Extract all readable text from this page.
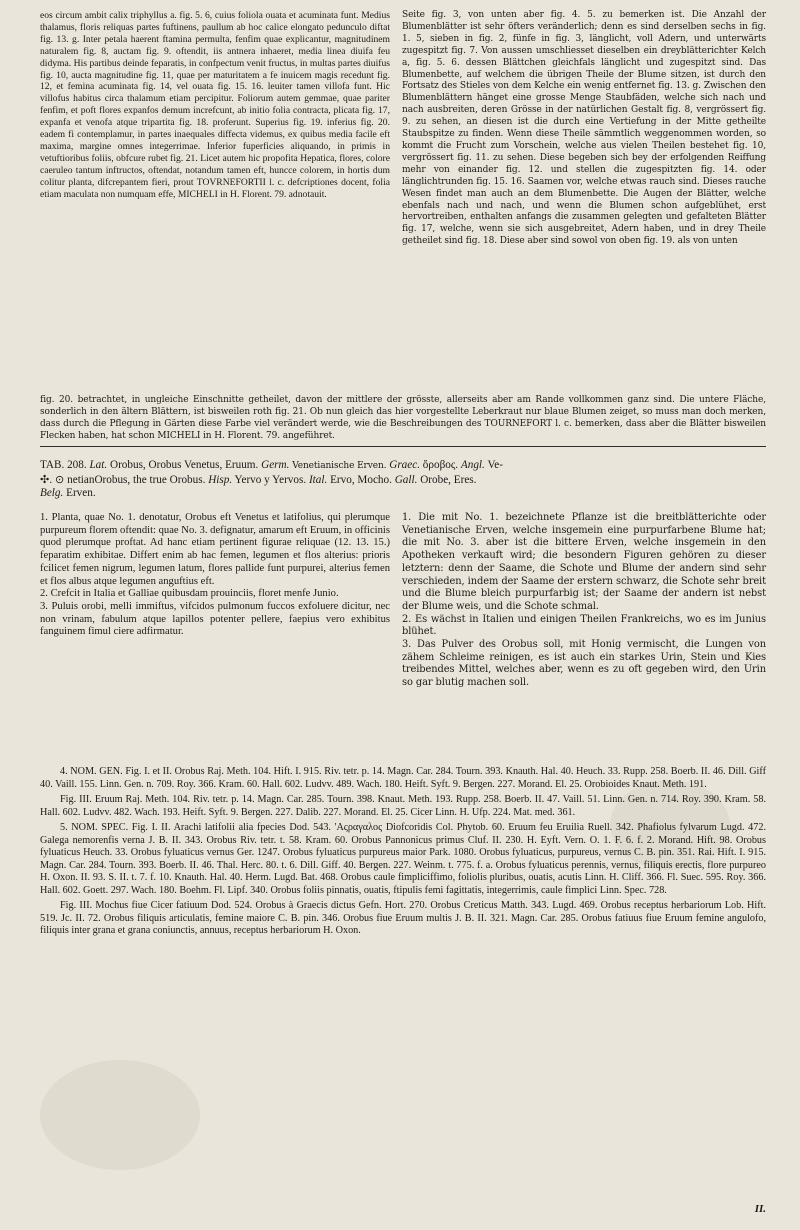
eos circum ambit calix triphyllus a. fig. 5. 6, cuius foliola ouata et acuminata funt. Medius thalamus, floris reliquas partes fuftinens, paullum ab hoc calice elongato pedunculo diftat fig. 13. g. Inter petala haerent ftamina permulta, fenfim quae explicantur, magnitudinem naturalem fig. 8, auctam fig. 9. oftendit, iis antnera inhaeret, media linea diuifa feu didyma. His partibus deinde feparatis, in confpectum venit fructus, in multas partes diuifus fig. 10, aucta magnitudine fig. 11, quae per maturitatem a fe inuicem magis recedunt fig. 12, et femina acuminata fig. 14, vel ouata fig. 15. 16. leuiter tamen villofa funt. Hic villofus habitus circa thalamum etiam percipitur. Foliorum autem gemmae, quae pariter fenfim, et poft flores expanfos demum increfcunt, ab initio folia contracta, plicata fig. 17, expanfa et venofa atque tripartita fig. 18. proferunt. Superius fig. 19. inferius fig. 20. eadem fi contemplamur, in partes inaequales diffecta videmus, ex quibus media facile eft maxima, margine omnes integerrimae. Inferior fuperficies aliquando, in primis in vetuftioribus foliis, obfcure rubet fig. 21. Licet autem hic propofita Hepatica, flores, colore caeruleo tantum inftructos, oftendat, notandum tamen eft, huncce colorem, in hortis dum colitur planta, difcrepantem fieri, prout TOVRNEFORTII l. c. defcriptiones docent, folia etiam maculata non numquam effe, MICHELI in H. Florent. 79. adnotauit.
Seite fig. 3, von unten aber fig. 4. 5. zu bemerken ist. Die Anzahl der Blumenblätter ist sehr öfters veränderlich; denn es sind derselben sechs in fig. 1. 5, sieben in fig. 2, fünfe in fig. 3, länglicht, voll Adern, und unterwärts zugespitzt fig. 7. Von aussen umschliesset dieselben ein dreyblätterichter Kelch a, fig. 5. 6. dessen Blättchen gleichfals länglicht und zugespitzt sind. Das Blumenbette, auf welchem die übrigen Theile der Blume sitzen, ist durch den Fortsatz des Stieles von dem Kelche ein wenig entfernet fig. 13. g. Zwischen den Blumenblättern hänget eine grosse Menge Staubfäden, welche sich nach und nach ausbreiten, deren Grösse in der natürlichen Gestalt fig. 8, vergrössert fig. 9. zu sehen, an diesen ist die durch eine Vertiefung in der Mitte getheilte Staubspitze zu finden. Wenn diese Theile sämmtlich weggenommen worden, so kommt die Frucht zum Vorschein, welche aus vielen Theilen bestehet fig. 10, vergrössert fig. 11. zu sehen. Diese begeben sich bey der erfolgenden Reiffung mehr von einander fig. 12. und stellen die zugespitzten fig. 14. oder länglichtrunden fig. 15. 16. Saamen vor, welche etwas rauch sind. Dieses rauche Wesen findet man auch an dem Blumenbette. Die Augen der Blätter, welche ebenfals nach und nach, und wenn die Blumen schon aufgeblühet, erst hervortreiben, enthalten anfangs die zusammen gelegten und gefalteten Blätter fig. 17, welche, wenn sie sich ausgebreitet, Adern haben, und in drey Theile getheilet sind fig. 18. Diese aber sind sowol von oben fig. 19. als von unten
fig. 20. betrachtet, in ungleiche Einschnitte getheilet, davon der mittlere der grösste, allerseits aber am Rande vollkommen ganz sind. Die untere Fläche, sonderlich in den ältern Blättern, ist bisweilen roth fig. 21. Ob nun gleich das hier vorgestellte Leberkraut nur blaue Blumen zeiget, so muss man doch merken, dass durch die Pflegung in Gärten diese Farbe viel verändert werde, wie die Beschreibungen des TOURNEFORT l. c. bemerken, dass aber die Blätter bisweilen Flecken haben, hat schon MICHELI in H. Florent. 79. angeführet.

TAB. 208. Lat. Orobus, Orobus Venetus, Eruum. Germ. Venetianische Erven. Graec. ὄροβος. Angl. Ve-

✣. ⊙ netianOrobus, the true Orobus. Hisp. Yervo y Yervos. Ital. Ervo, Mocho. Gall. Orobe, Eres.

Belg. Erven.

1. Planta, quae No. 1. denotatur, Orobus eft Venetus et latifolius, qui plerumque purpureum florem oftendit: quae No. 3. defignatur, amarum eft Eruum, in officinis quod plerumque proftat. Ad hanc etiam pertinent figurae reliquae (12. 13. 15.) feparatim exhibitae. Differt enim ab hac femen, legumen et flos alterius: prioris fcilicet femen nigrum, legumen latum, flores pallide funt purpurei, alterius femen et flos albus atque legumen anguftius eft.

2. Crefcit in Italia et Galliae quibusdam prouinciis, floret menfe Junio.

3. Puluis orobi, melli immiftus, vifcidos pulmonum fuccos exfoluere dicitur, nec non vrinam, fabulum atque lapillos potenter pellere, faepius vero exhibitus fanguinem fimul ciere adfirmatur.

1. Die mit No. 1. bezeichnete Pflanze ist die breitblätterichte oder Venetianische Erven, welche insgemein eine purpurfarbene Blume hat; die mit No. 3. aber ist die bittere Erven, welche insgemein in den Apotheken verkauft wird; die besondern Figuren gehören zu dieser letztern: denn der Saame, die Schote und Blume der andern sind sehr verschieden, indem der Saame der erstern schwarz, die Schote sehr breit und die Blume bleich purpurfarbig ist; der Saame der andern ist nebst der Blume weis, und die Schote schmal.

2. Es wächst in Italien und einigen Theilen Frankreichs, wo es im Junius blühet.

3. Das Pulver des Orobus soll, mit Honig vermischt, die Lungen von zähem Schleime reinigen, es ist auch ein starkes Urin, Stein und Kies treibendes Mittel, welches aber, wenn es zu oft gegeben wird, den Urin so gar blutig machen soll.

4. NOM. GEN. Fig. I. et II. Orobus Raj. Meth. 104. Hift. I. 915. Riv. tetr. p. 14. Magn. Car. 284. Tourn. 393. Knauth. Hal. 40. Heuch. 33. Rupp. 258. Boerb. II. 46. Dill. Giff 40. Vaill. 155. Linn. Gen. n. 709. Roy. 366. Kram. 60. Hall. 602. Ludvv. 489. Wach. 180. Heift. Syft. 9. Bergen. 227. Morand. El. 25. Orobioides Knaut. Meth. 191.

Fig. III. Eruum Raj. Meth. 104. Riv. tetr. p. 14. Magn. Car. 285. Tourn. 398. Knaut. Meth. 193. Rupp. 258. Boerb. II. 47. Vaill. 51. Linn. Gen. n. 714. Roy. 390. Kram. 58. Hall. 602. Ludvv. 482. Wach. 193. Heift. Syft. 9. Bergen. 227. Dalib. 227. Morand. El. 25. Cicer Linn. H. Ufp. 224. Mat. med. 361.

5. NOM. SPEC. Fig. I. II. Arachi latifolii alia fpecies Dod. 543. 'Αςραγαλος Diofcoridis Col. Phytob. 60. Eruum feu Eruilia Ruell. 342. Phafiolus fylvarum Lugd. 472. Galega nemorenfis verna J. B. II. 343. Orobus Riv. tetr. t. 58. Kram. 60. Orobus Pannonicus primus Cluf. II. 230. H. Eyft. Vern. O. 1. F. 6. f. 2. Morand. Hift. 98. Orobus fyluaticus Heuch. 33. Orobus fyluaticus vernus Ger. 1247. Orobus fyluaticus purpureus maior Park. 1080. Orobus fyluaticus, purpureus, vernus C. B. pin. 351. Rai. Hift. I. 915. Magn. Car. 284. Tourn. 393. Boerb. II. 46. Thal. Herc. 80. t. 6. Dill. Giff. 40. Bergen. 227. Weinm. t. 775. f. a. Orobus fyluaticus perennis, vernus, filiquis erectis, flore purpureo H. Oxon. II. 93. S. II. t. 7. f. 10. Knauth. Hal. 40. Herm. Lugd. Bat. 468. Orobus caule fimpliciffimo, foliolis pluribus, ouatis, acutis Linn. H. Cliff. 366. Fl. Suec. 595. Roy. 366. Hall. 602. Goett. 297. Wach. 180. Boehm. Fl. Lipf. 340. Orobus foliis pinnatis, ouatis, ftipulis femi fagittatis, integerrimis, caule fimplici Linn. Spec. 728.

Fig. III. Mochus fiue Cicer fatiuum Dod. 524. Orobus à Graecis dictus Gefn. Hort. 270. Orobus Creticus Matth. 343. Lugd. 469. Orobus receptus herbariorum Lob. Hift. 519. Jc. II. 72. Orobus filiquis articulatis, femine maiore C. B. pin. 346. Orobus fiue Eruum multis J. B. II. 321. Magn. Car. 285. Orobus fatiuus fiue Eruum femine angulofo, filiquis inter grana et grana coniunctis, annuus, receptus herbariorum H. Oxon.

II.
